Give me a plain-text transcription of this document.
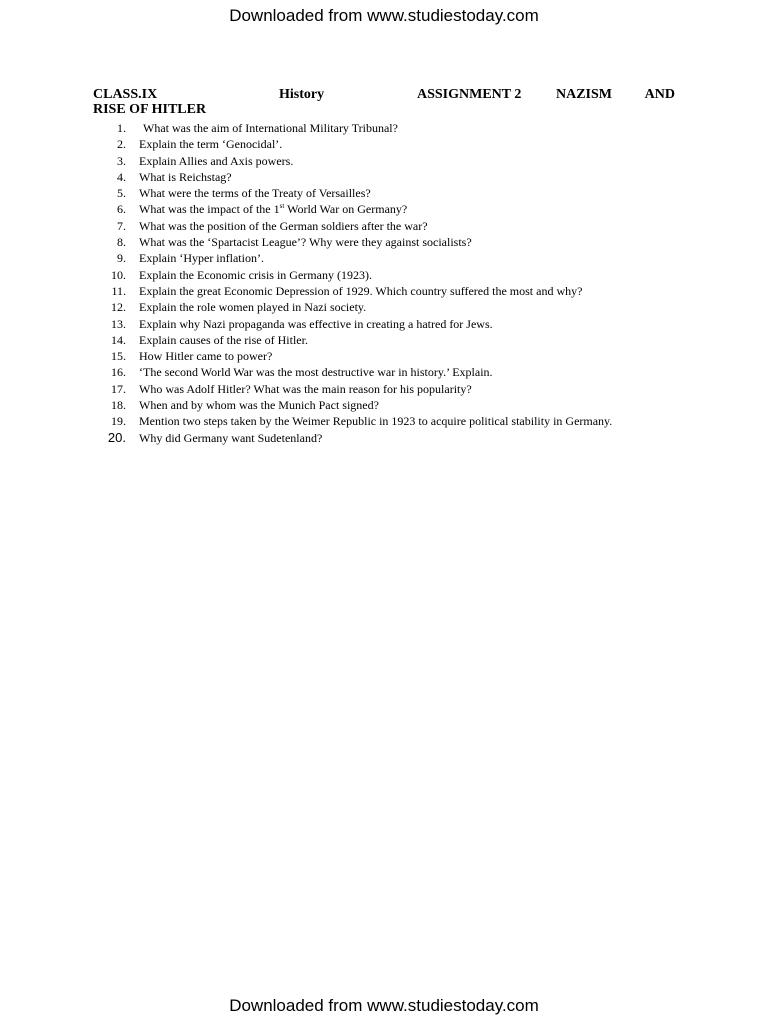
Downloaded from www.studiestoday.com
CLASS.IX	History	ASSIGNMENT 2 NAZISM AND
RISE OF HITLER
1. What was the aim of International Military Tribunal?
2. Explain the term ‘Genocidal’.
3. Explain Allies and Axis powers.
4. What is Reichstag?
5. What were the terms of the Treaty of Versailles?
6. What was the impact of the 1st World War on Germany?
7. What was the position of the German soldiers after the war?
8. What was the ‘Spartacist League’? Why were they against socialists?
9. Explain ‘Hyper inflation’.
10. Explain the Economic crisis in Germany (1923).
11. Explain the great Economic Depression of 1929. Which country suffered the most and why?
12. Explain the role women played in Nazi society.
13. Explain why Nazi propaganda was effective in creating a hatred for Jews.
14. Explain causes of the rise of Hitler.
15. How Hitler came to power?
16. ‘The second World War was the most destructive war in history.’ Explain.
17. Who was Adolf Hitler? What was the main reason for his popularity?
18. When and by whom was the Munich Pact signed?
19. Mention two steps taken by the Weimer Republic in 1923 to acquire political stability in Germany.
20. Why did Germany want Sudetenland?
Downloaded from www.studiestoday.com
